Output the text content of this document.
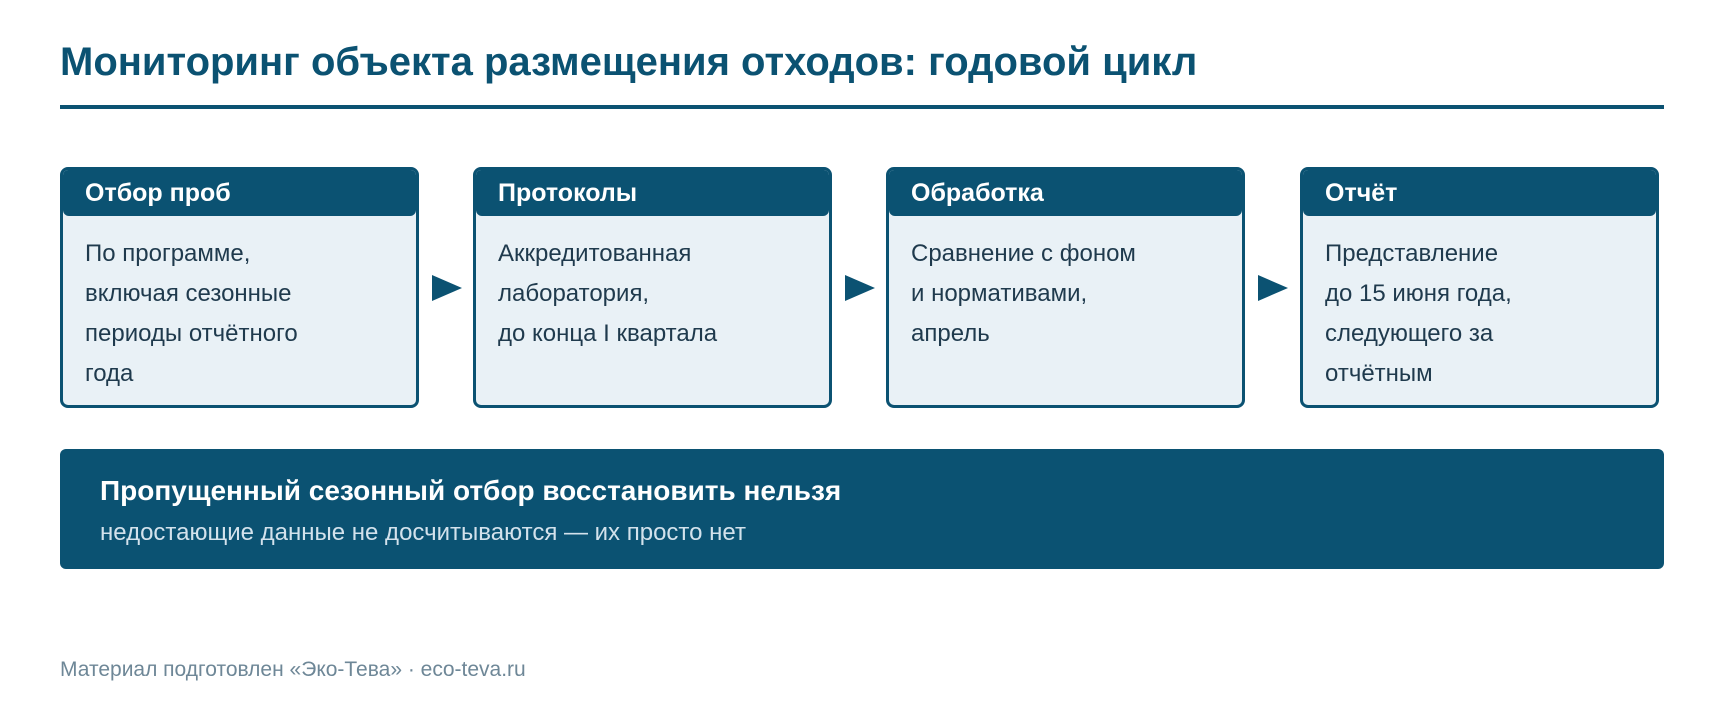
Мониторинг объекта размещения отходов: годовой цикл
Отбор проб
По программе,
включая сезонные
периоды отчётного
года
Протоколы
Аккредитованная
лаборатория,
до конца I квартала
Обработка
Сравнение с фоном
и нормативами,
апрель
Отчёт
Представление
до 15 июня года,
следующего за
отчётным
Пропущенный сезонный отбор восстановить нельзя
недостающие данные не досчитываются — их просто нет
Материал подготовлен «Эко-Тева» · eco-teva.ru
